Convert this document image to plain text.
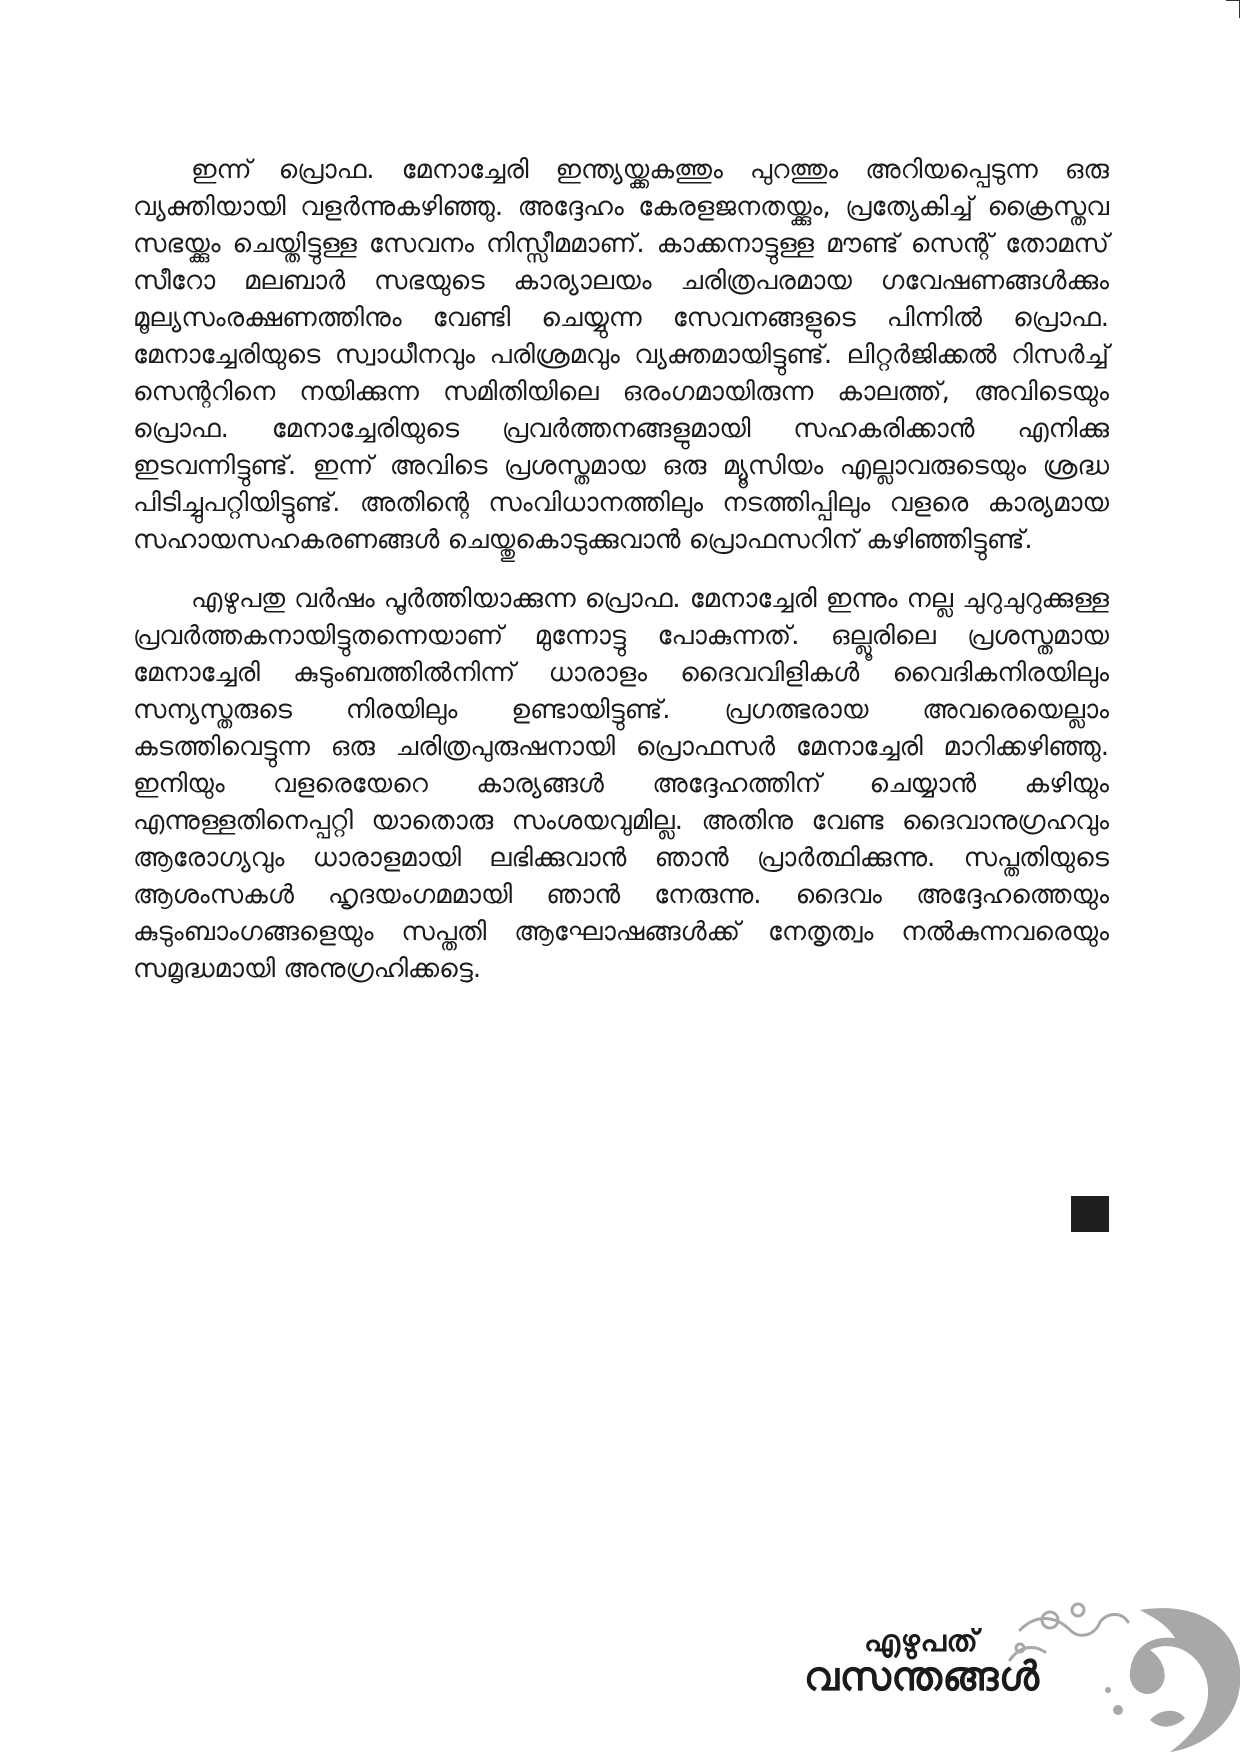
ഇന്ന് പ്രൊഫ. മേനാച്ചേരി ഇന്ത്യയ്ക്കകത്തും പുറത്തും അറിയപ്പെടുന്ന ഒരു വ്യക്തിയായി വളര്‍ന്നുകഴിഞ്ഞു. അദ്ദേഹം കേരളജനതയ്ക്കും, പ്രത്യേകിച്ച് ക്രൈസ്തവ സഭയ്ക്കും ചെയ്തിട്ടുള്ള സേവനം നിസ്സീമമാണ്. കാക്കനാട്ടുള്ള മൗണ്ട് സെന്റ് തോമസ് സീറോ മലബാര്‍ സഭയുടെ കാര്യാലയം ചരിത്രപരമായ ഗവേഷണങ്ങള്‍ക്കും മൂല്യസംരക്ഷണത്തിനും വേണ്ടി ചെയ്യുന്ന സേവനങ്ങളുടെ പിന്നില്‍ പ്രൊഫ. മേനാച്ചേരിയുടെ സ്വാധീനവും പരിശ്രമവും വ്യക്തമായിട്ടുണ്ട്. ലിറ്റര്‍ജിക്കല്‍ റിസര്‍ച്ച് സെന്ററിനെ നയിക്കുന്ന സമിതിയിലെ ഒരംഗമായിരുന്ന കാലത്ത്, അവിടെയും പ്രൊഫ. മേനാച്ചേരിയുടെ പ്രവര്‍ത്തനങ്ങളുമായി സഹകരിക്കാന്‍ എനിക്കു ഇടവന്നിട്ടുണ്ട്. ഇന്ന് അവിടെ പ്രശസ്തമായ ഒരു മ്യൂസിയം എല്ലാവരുടെയും ശ്രദ്ധ പിടിച്ചുപറ്റിയിട്ടുണ്ട്. അതിന്റെ സംവിധാനത്തിലും നടത്തിപ്പിലും വളരെ കാര്യമായ സഹായസഹകരണങ്ങള്‍ ചെയ്തുകൊടുക്കുവാന്‍ പ്രൊഫസറിന് കഴിഞ്ഞിട്ടുണ്ട്.

എഴുപതു വര്‍ഷം പൂര്‍ത്തിയാക്കുന്ന പ്രൊഫ. മേനാച്ചേരി ഇന്നും നല്ല ചുറുചുറുക്കുള്ള പ്രവര്‍ത്തകനായിട്ടുതന്നെയാണ് മുന്നോട്ടു പോകുന്നത്. ഒല്ലൂരിലെ പ്രശസ്തമായ മേനാച്ചേരി കുടുംബത്തില്‍നിന്ന് ധാരാളം ദൈവവിളികള്‍ വൈദികനിരയിലും സന്യസ്തരുടെ നിരയിലും ഉണ്ടായിട്ടുണ്ട്. പ്രഗത്ഭരായ അവരെയെല്ലാം കടത്തിവെട്ടുന്ന ഒരു ചരിത്രപുരുഷനായി പ്രൊഫസര്‍ മേനാച്ചേരി മാറിക്കഴിഞ്ഞു. ഇനിയും വളരെയേറെ കാര്യങ്ങള്‍ അദ്ദേഹത്തിന് ചെയ്യാന്‍ കഴിയും എന്നുള്ളതിനെപ്പറ്റി യാതൊരു സംശയവുമില്ല. അതിനു വേണ്ട ദൈവാനുഗ്രഹവും ആരോഗ്യവും ധാരാളമായി ലഭിക്കുവാന്‍ ഞാന്‍ പ്രാര്‍ത്ഥിക്കുന്നു. സപ്തതിയുടെ ആശംസകള്‍ ഹൃദയംഗമമായി ഞാന്‍ നേരുന്നു. ദൈവം അദ്ദേഹത്തെയും കുടുംബാംഗങ്ങളെയും സപ്തതി ആഘോഷങ്ങള്‍ക്ക് നേതൃത്വം നല്‍കുന്നവരെയും സമൃദ്ധമായി അനുഗ്രഹിക്കട്ടെ.

എഴുപത്
വസന്തങ്ങള്‍
